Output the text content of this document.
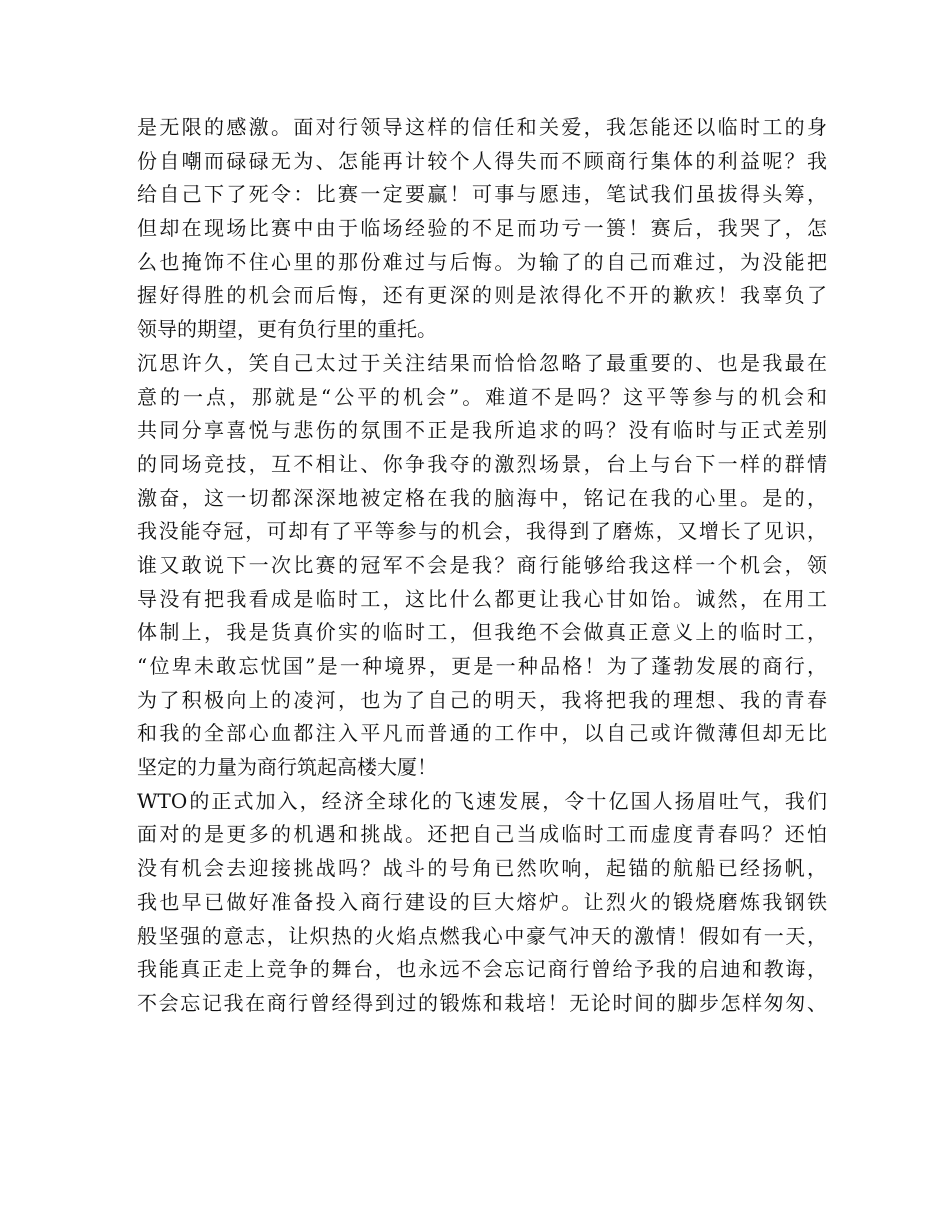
是无限的感激。面对行领导这样的信任和关爱，我怎能还以临时工的身
份自嘲而碌碌无为、怎能再计较个人得失而不顾商行集体的利益呢？我
给自己下了死令：比赛一定要赢！可事与愿违，笔试我们虽拔得头筹，
但却在现场比赛中由于临场经验的不足而功亏一篑！赛后，我哭了，怎
么也掩饰不住心里的那份难过与后悔。为输了的自己而难过，为没能把
握好得胜的机会而后悔，还有更深的则是浓得化不开的歉疚！我辜负了
领导的期望，更有负行里的重托。
沉思许久，笑自己太过于关注结果而恰恰忽略了最重要的、也是我最在
意的一点，那就是“公平的机会”。难道不是吗？这平等参与的机会和
共同分享喜悦与悲伤的氛围不正是我所追求的吗？没有临时与正式差别
的同场竞技，互不相让、你争我夺的激烈场景，台上与台下一样的群情
激奋，这一切都深深地被定格在我的脑海中，铭记在我的心里。是的，
我没能夺冠，可却有了平等参与的机会，我得到了磨炼，又增长了见识，
谁又敢说下一次比赛的冠军不会是我？商行能够给我这样一个机会，领
导没有把我看成是临时工，这比什么都更让我心甘如饴。诚然，在用工
体制上，我是货真价实的临时工，但我绝不会做真正意义上的临时工，
“位卑未敢忘忧国”是一种境界，更是一种品格！为了蓬勃发展的商行，
为了积极向上的凌河，也为了自己的明天，我将把我的理想、我的青春
和我的全部心血都注入平凡而普通的工作中，以自己或许微薄但却无比
坚定的力量为商行筑起高楼大厦！
WTO的正式加入，经济全球化的飞速发展，令十亿国人扬眉吐气，我们
面对的是更多的机遇和挑战。还把自己当成临时工而虚度青春吗？还怕
没有机会去迎接挑战吗？战斗的号角已然吹响，起锚的航船已经扬帆，
我也早已做好准备投入商行建设的巨大熔炉。让烈火的锻烧磨炼我钢铁
般坚强的意志，让炽热的火焰点燃我心中豪气冲天的激情！假如有一天，
我能真正走上竞争的舞台，也永远不会忘记商行曾给予我的启迪和教诲，
不会忘记我在商行曾经得到过的锻炼和栽培！无论时间的脚步怎样匆匆、
